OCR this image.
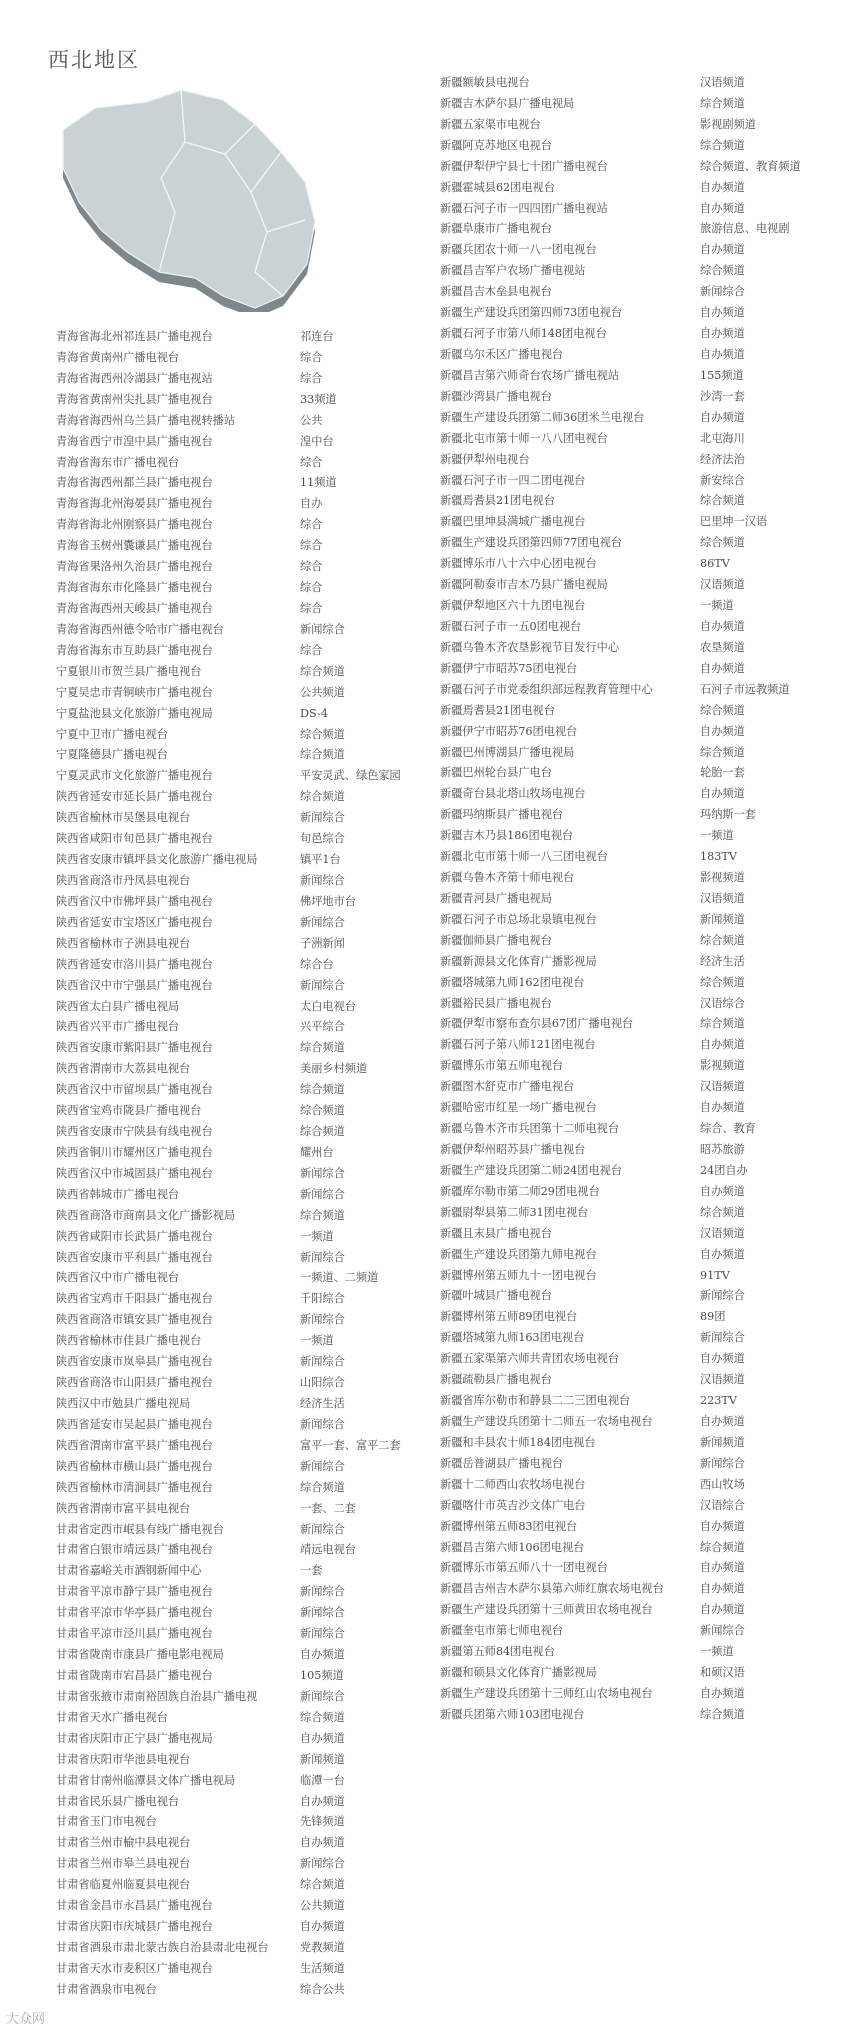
西北地区
青海省海北州祁连县广播电视台	祁连台
青海省黄南州广播电视台	综合
青海省海西州冷湖县广播电视站	综合
青海省黄南州尖扎县广播电视台	33频道
青海省海西州乌兰县广播电视转播站	公共
青海省西宁市湟中县广播电视台	湟中台
青海省海东市广播电视台	综合
青海省海西州都兰县广播电视台	11频道
青海省海北州海晏县广播电视台	自办
青海省海北州刚察县广播电视台	综合
青海省玉树州囊谦县广播电视台	综合
青海省果洛州久治县广播电视台	综合
青海省海东市化隆县广播电视台	综合
青海省海西州天峻县广播电视台	综合
青海省海西州德令哈市广播电视台	新闻综合
青海省海东市互助县广播电视台	综合
宁夏银川市贺兰县广播电视台	综合频道
宁夏吴忠市青铜峡市广播电视台	公共频道
宁夏盐池县文化旅游广播电视局	DS-4
宁夏中卫市广播电视台	综合频道
宁夏隆德县广播电视台	综合频道
宁夏灵武市文化旅游广播电视台	平安灵武、绿色家园
陕西省延安市延长县广播电视台	综合频道
陕西省榆林市吴堡县电视台	新闻综合
陕西省咸阳市旬邑县广播电视台	旬邑综合
陕西省安康市镇坪县文化旅游广播电视局	镇平1台
陕西省商洛市丹凤县电视台	新闻综合
陕西省汉中市佛坪县广播电视台	佛坪地市台
陕西省延安市宝塔区广播电视台	新闻综合
陕西省榆林市子洲县电视台	子洲新闻
陕西省延安市洛川县广播电视台	综合台
陕西省汉中市宁强县广播电视台	新闻综合
陕西省太白县广播电视局	太白电视台
陕西省兴平市广播电视台	兴平综合
陕西省安康市紫阳县广播电视台	综合频道
陕西省渭南市大荔县电视台	美丽乡村频道
陕西省汉中市留坝县广播电视台	综合频道
陕西省宝鸡市陇县广播电视台	综合频道
陕西省安康市宁陕县有线电视台	综合频道
陕西省铜川市耀州区广播电视台	耀州台
陕西省汉中市城固县广播电视台	新闻综合
陕西省韩城市广播电视台	新闻综合
陕西省商洛市商南县文化广播影视局	综合频道
陕西省咸阳市长武县广播电视台	一频道
陕西省安康市平利县广播电视台	新闻综合
陕西省汉中市广播电视台	一频道、二频道
陕西省宝鸡市千阳县广播电视台	千阳综合
陕西省商洛市镇安县广播电视台	新闻综合
陕西省榆林市佳县广播电视台	一频道
陕西省安康市岚皋县广播电视台	新闻综合
陕西省商洛市山阳县广播电视台	山阳综合
陕西汉中市勉县广播电视局	经济生活
陕西省延安市吴起县广播电视台	新闻综合
陕西省渭南市富平县广播电视台	富平一套、富平二套
陕西省榆林市横山县广播电视台	新闻综合
陕西省榆林市清涧县广播电视台	综合频道
陕西省渭南市富平县电视台	一套、二套
甘肃省定西市岷县有线广播电视台	新闻综合
甘肃省白银市靖远县广播电视台	靖远电视台
甘肃省嘉峪关市酒钢新闻中心	一套
甘肃省平凉市静宁县广播电视台	新闻综合
甘肃省平凉市华亭县广播电视台	新闻综合
甘肃省平凉市泾川县广播电视台	新闻综合
甘肃省陇南市康县广播电影电视局	自办频道
甘肃省陇南市宕昌县广播电视台	105频道
甘肃省张掖市肃南裕固族自治县广播电视	新闻综合
甘肃省天水广播电视台	综合频道
甘肃省庆阳市正宁县广播电视局	自办频道
甘肃省庆阳市华池县电视台	新闻频道
甘肃省甘南州临潭县文体广播电视局	临潭一台
甘肃省民乐县广播电视台	自办频道
甘肃省玉门市电视台	先锋频道
甘肃省兰州市榆中县电视台	自办频道
甘肃省兰州市皋兰县电视台	新闻综合
甘肃省临夏州临夏县电视台	综合频道
甘肃省金昌市永昌县广播电视台	公共频道
甘肃省庆阳市庆城县广播电视台	自办频道
甘肃省酒泉市肃北蒙古族自治县肃北电视台	党教频道
甘肃省天水市麦积区广播电视台	生活频道
甘肃省酒泉市电视台	综合公共
新疆额敏县电视台	汉语频道
新疆吉木萨尔县广播电视局	综合频道
新疆五家渠市电视台	影视剧频道
新疆阿克苏地区电视台	综合频道
新疆伊犁伊宁县七十团广播电视台	综合频道、教育频道
新疆霍城县62团电视台	自办频道
新疆石河子市一四四团广播电视站	自办频道
新疆阜康市广播电视台	旅游信息、电视剧
新疆兵团农十师一八一团电视台	自办频道
新疆昌吉军户农场广播电视站	综合频道
新疆昌吉木垒县电视台	新闻综合
新疆生产建设兵团第四师73团电视台	自办频道
新疆石河子市第八师148团电视台	自办频道
新疆乌尔禾区广播电视台	自办频道
新疆昌吉第六师奇台农场广播电视站	155频道
新疆沙湾县广播电视台	沙湾一套
新疆生产建设兵团第二师36团米兰电视台	自办频道
新疆北屯市第十师一八八团电视台	北屯海川
新疆伊犁州电视台	经济法治
新疆石河子市一四二团电视台	新安综合
新疆焉耆县21团电视台	综合频道
新疆巴里坤县满城广播电视台	巴里坤一汉语
新疆生产建设兵团第四师77团电视台	综合频道
新疆博乐市八十六中心团电视台	86TV
新疆阿勒泰市吉木乃县广播电视局	汉语频道
新疆伊犁地区六十九团电视台	一频道
新疆石河子市一五0团电视台	自办频道
新疆乌鲁木齐农垦影视节目发行中心	农垦频道
新疆伊宁市昭苏75团电视台	自办频道
新疆石河子市党委组织部远程教育管理中心	石河子市远教频道
新疆焉耆县21团电视台	综合频道
新疆伊宁市昭苏76团电视台	自办频道
新疆巴州博湖县广播电视局	综合频道
新疆巴州轮台县广电台	轮胎一套
新疆奇台县北塔山牧场电视台	自办频道
新疆玛纳斯县广播电视台	玛纳斯一套
新疆吉木乃县186团电视台	一频道
新疆北屯市第十师一八三团电视台	183TV
新疆乌鲁木齐第十师电视台	影视频道
新疆青河县广播电视局	汉语频道
新疆石河子市总场北泉镇电视台	新闻频道
新疆伽师县广播电视台	综合频道
新疆新源县文化体育广播影视局	经济生活
新疆塔城第九师162团电视台	综合频道
新疆裕民县广播电视台	汉语综合
新疆伊犁市察布查尔县67团广播电视台	综合频道
新疆石河子第八师121团电视台	自办频道
新疆博乐市第五师电视台	影视频道
新疆图木舒克市广播电视台	汉语频道
新疆哈密市红星一场广播电视台	自办频道
新疆乌鲁木齐市兵团第十二师电视台	综合、教育
新疆伊犁州昭苏县广播电视台	昭苏旅游
新疆生产建设兵团第二师24团电视台	24团自办
新疆库尔勒市第二师29团电视台	自办频道
新疆尉犁县第二师31团电视台	综合频道
新疆且末县广播电视台	汉语频道
新疆生产建设兵团第九师电视台	自办频道
新疆博州第五师九十一团电视台	91TV
新疆叶城县广播电视台	新闻综合
新疆博州第五师89团电视台	89团
新疆塔城第九师163团电视台	新闻综合
新疆五家渠第六师共青团农场电视台	自办频道
新疆疏勒县广播电视台	汉语频道
新疆省库尔勒市和静县二二三团电视台	223TV
新疆生产建设兵团第十二师五一农场电视台	自办频道
新疆和丰县农十师184团电视台	新闻频道
新疆岳普湖县广播电视台	新闻综合
新疆十二师西山农牧场电视台	西山牧场
新疆喀什市英吉沙文体广电台	汉语综合
新疆博州第五师83团电视台	自办频道
新疆昌吉第六师106团电视台	综合频道
新疆博乐市第五师八十一团电视台	自办频道
新疆昌吉州吉木萨尔县第六师红旗农场电视台	自办频道
新疆生产建设兵团第十三师黄田农场电视台	自办频道
新疆奎屯市第七师电视台	新闻综合
新疆第五师84团电视台	一频道
新疆和硕县文化体育广播影视局	和硕汉语
新疆生产建设兵团第十三师红山农场电视台	自办频道
新疆兵团第六师103团电视台	综合频道
大众网
